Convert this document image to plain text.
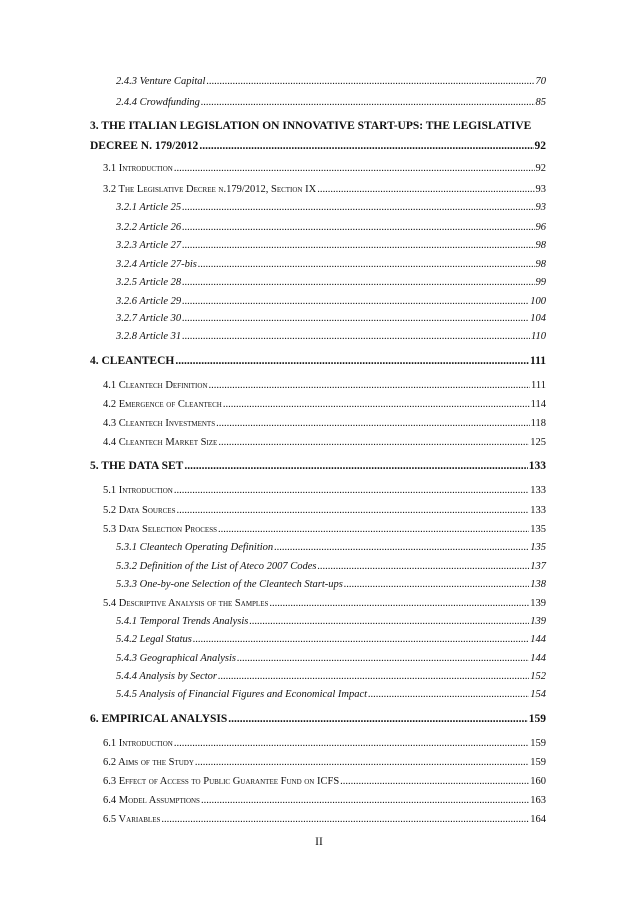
2.4.3 Venture Capital .....	70
2.4.4 Crowdfunding .....	85
3. THE ITALIAN LEGISLATION ON INNOVATIVE START-UPS: THE LEGISLATIVE
DECREE N. 179/2012 .....	92
3.1 Introduction .....	92
3.2 The Legislative Decree n.179/2012, Section IX .....	93
3.2.1 Article 25 .....	93
3.2.2 Article 26 .....	96
3.2.3 Article 27 .....	98
3.2.4 Article 27-bis .....	98
3.2.5 Article 28 .....	99
3.2.6 Article 29 .....	100
3.2.7 Article 30 .....	104
3.2.8 Article 31 .....	110
4. CLEANTECH .....	111
4.1 Cleantech Definition .....	111
4.2 Emergence of Cleantech .....	114
4.3 Cleantech Investments .....	118
4.4 Cleantech Market Size .....	125
5. THE DATA SET .....	133
5.1 Introduction .....	133
5.2 Data Sources .....	133
5.3 Data Selection Process .....	135
5.3.1 Cleantech Operating Definition .....	135
5.3.2 Definition of the List of Ateco 2007 Codes .....	137
5.3.3 One-by-one Selection of the Cleantech Start-ups .....	138
5.4 Descriptive Analysis of the Samples .....	139
5.4.1 Temporal Trends Analysis .....	139
5.4.2 Legal Status .....	144
5.4.3 Geographical Analysis .....	144
5.4.4 Analysis by Sector .....	152
5.4.5 Analysis of Financial Figures and Economical Impact .....	154
6. EMPIRICAL ANALYSIS .....	159
6.1 Introduction .....	159
6.2 Aims of the Study .....	159
6.3 Effect of Access to Public Guarantee Fund on ICFS .....	160
6.4 Model Assumptions .....	163
6.5 Variables .....	164
II
